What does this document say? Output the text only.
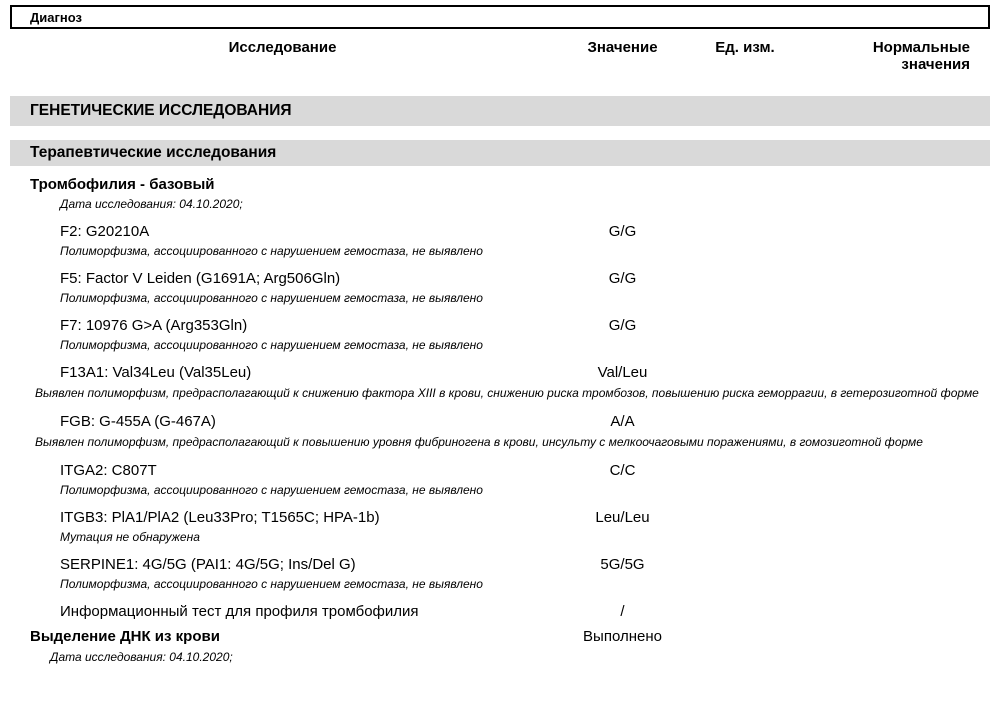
Диагноз
Исследование	Значение	Ед. изм.	Нормальные
значения
ГЕНЕТИЧЕСКИЕ ИССЛЕДОВАНИЯ
Терапевтические исследования
Тромбофилия - базовый
Дата исследования: 04.10.2020;
F2: G20210A	G/G
Полиморфизма, ассоциированного с нарушением гемостаза, не выявлено
F5: Factor V Leiden (G1691A; Arg506Gln)	G/G
Полиморфизма, ассоциированного с нарушением гемостаза, не выявлено
F7: 10976 G>A (Arg353Gln)	G/G
Полиморфизма, ассоциированного с нарушением гемостаза, не выявлено
F13A1: Val34Leu (Val35Leu)	Val/Leu
Выявлен полиморфизм, предрасполагающий к снижению фактора XIII в крови, снижению риска тромбозов, повышению риска геморрагии, в гетерозиготной форме
FGB: G-455A (G-467A)	A/A
Выявлен полиморфизм, предрасполагающий к повышению уровня фибриногена в крови, инсульту с мелкоочаговыми поражениями, в гомозиготной форме
ITGA2: C807T	C/C
Полиморфизма, ассоциированного с нарушением гемостаза, не выявлено
ITGB3: PlA1/PlA2 (Leu33Pro; T1565C; HPA-1b)	Leu/Leu
Мутация не обнаружена
SERPINE1: 4G/5G (PAI1: 4G/5G; Ins/Del G)	5G/5G
Полиморфизма, ассоциированного с нарушением гемостаза, не выявлено
Информационный тест для профиля тромбофилия	/
Выделение ДНК из крови	Выполнено
Дата исследования: 04.10.2020;
